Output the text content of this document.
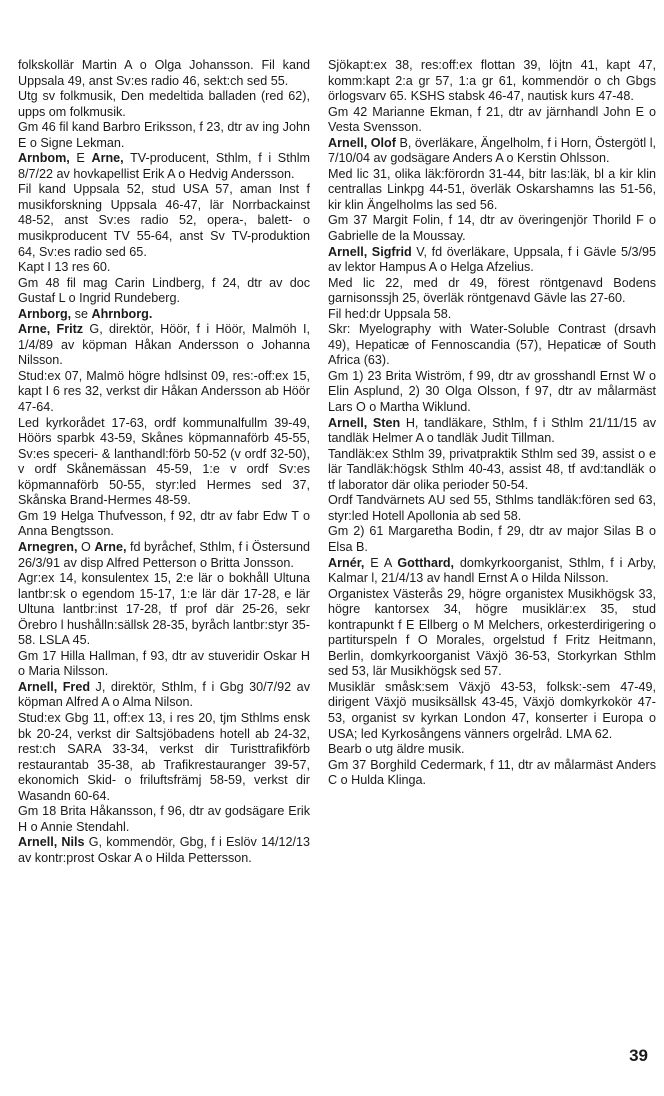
folkskollär Martin A o Olga Johansson. Fil kand Uppsala 49, anst Sv:es radio 46, sekt:ch sed 55.
Utg sv folkmusik, Den medeltida balladen (red 62), upps om folkmusik.
Gm 46 fil kand Barbro Eriksson, f 23, dtr av ing John E o Signe Lekman.
Arnbom, E Arne, TV-producent, Sthlm, f i Sthlm 8/7/22 av hovkapellist Erik A o Hedvig Andersson.
Fil kand Uppsala 52, stud USA 57, aman Inst f musikforskning Uppsala 46-47, lär Norrbackainst 48-52, anst Sv:es radio 52, opera-, balett- o musikproducent TV 55-64, anst Sv TV-produktion 64, Sv:es radio sed 65.
Kapt I 13 res 60.
Gm 48 fil mag Carin Lindberg, f 24, dtr av doc Gustaf L o Ingrid Rundeberg.
Arnborg, se Ahrnborg.
Arne, Fritz G, direktör, Höör, f i Höör, Malmöh I, 1/4/89 av köpman Håkan Andersson o Johanna Nilsson.
Stud:ex 07, Malmö högre hdlsinst 09, res:-off:ex 15, kapt I 6 res 32, verkst dir Håkan Andersson ab Höör 47-64.
Led kyrkorådet 17-63, ordf kommunalfullm 39-49, Höörs sparbk 43-59, Skånes köpmannaförb 45-55, Sv:es speceri- & lanthandl:förb 50-52 (v ordf 32-50), v ordf Skånemässan 45-59, 1:e v ordf Sv:es köpmannaförb 50-55, styr:led Hermes sed 37, Skånska Brand-Hermes 48-59.
Gm 19 Helga Thufvesson, f 92, dtr av fabr Edw T o Anna Bengtsson.
Arnegren, O Arne, fd byråchef, Sthlm, f i Östersund 26/3/91 av disp Alfred Petterson o Britta Jonsson.
Agr:ex 14, konsulentex 15, 2:e lär o bokhåll Ultuna lantbr:sk o egendom 15-17, 1:e lär där 17-28, e lär Ultuna lantbr:inst 17-28, tf prof där 25-26, sekr Örebro l hushålln:sällsk 28-35, byråch lantbr:styr 35-58. LSLA 45.
Gm 17 Hilla Hallman, f 93, dtr av stuveridir Oskar H o Maria Nilsson.
Arnell, Fred J, direktör, Sthlm, f i Gbg 30/7/92 av köpman Alfred A o Alma Nilson.
Stud:ex Gbg 11, off:ex 13, i res 20, tjm Sthlms ensk bk 20-24, verkst dir Saltsjöbadens hotell ab 24-32, rest:ch SARA 33-34, verkst dir Turisttrafikförb restaurantab 35-38, ab Trafikrestauranger 39-57, ekonomich Skid- o friluftsfrämj 58-59, verkst dir Wasandn 60-64.
Gm 18 Brita Håkansson, f 96, dtr av godsägare Erik H o Annie Stendahl.
Arnell, Nils G, kommendör, Gbg, f i Eslöv 14/12/13 av kontr:prost Oskar A o Hilda Pettersson.
Sjökapt:ex 38, res:off:ex flottan 39, löjtn 41, kapt 47, komm:kapt 2:a gr 57, 1:a gr 61, kommendör o ch Gbgs örlogsvarv 65. KSHS stabsk 46-47, nautisk kurs 47-48.
Gm 42 Marianne Ekman, f 21, dtr av järnhandl John E o Vesta Svensson.
Arnell, Olof B, överläkare, Ängelholm, f i Horn, Östergötl l, 7/10/04 av godsägare Anders A o Kerstin Ohlsson.
Med lic 31, olika läk:förordn 31-44, bitr las:läk, bl a kir klin centrallas Linkpg 44-51, överläk Oskarshamns las 51-56, kir klin Ängelholms las sed 56.
Gm 37 Margit Folin, f 14, dtr av överingenjör Thorild F o Gabrielle de la Moussay.
Arnell, Sigfrid V, fd överläkare, Uppsala, f i Gävle 5/3/95 av lektor Hampus A o Helga Afzelius.
Med lic 22, med dr 49, förest röntgenavd Bodens garnisonssjh 25, överläk röntgenavd Gävle las 27-60.
Fil hed:dr Uppsala 58.
Skr: Myelography with Water-Soluble Contrast (drsavh 49), Hepaticæ of Fennoscandia (57), Hepaticæ of South Africa (63).
Gm 1) 23 Brita Wiström, f 99, dtr av grosshandl Ernst W o Elin Asplund, 2) 30 Olga Olsson, f 97, dtr av målarmäst Lars O o Martha Wiklund.
Arnell, Sten H, tandläkare, Sthlm, f i Sthlm 21/11/15 av tandläk Helmer A o tandläk Judit Tillman.
Tandläk:ex Sthlm 39, privatpraktik Sthlm sed 39, assist o e lär Tandläk:högsk Sthlm 40-43, assist 48, tf avd:tandläk o tf laborator där olika perioder 50-54.
Ordf Tandvärnets AU sed 55, Sthlms tandläk:fören sed 63, styr:led Hotell Apollonia ab sed 58.
Gm 2) 61 Margaretha Bodin, f 29, dtr av major Silas B o Elsa B.
Arnér, E A Gotthard, domkyrkoorganist, Sthlm, f i Arby, Kalmar l, 21/4/13 av handl Ernst A o Hilda Nilsson.
Organistex Västerås 29, högre organistex Musikhögsk 33, högre kantorsex 34, högre musiklär:ex 35, stud kontrapunkt f E Ellberg o M Melchers, orkesterdirigering o partiturspeln f O Morales, orgelstud f Fritz Heitmann, Berlin, domkyrkoorganist Växjö 36-53, Storkyrkan Sthlm sed 53, lär Musikhögsk sed 57.
Musiklär småsk:sem Växjö 43-53, folksk:-sem 47-49, dirigent Växjö musiksällsk 43-45, Växjö domkyrkokör 47-53, organist sv kyrkan London 47, konserter i Europa o USA; led Kyrkosångens vänners orgelråd. LMA 62.
Bearb o utg äldre musik.
Gm 37 Borghild Cedermark, f 11, dtr av målarmäst Anders C o Hulda Klinga.
39
